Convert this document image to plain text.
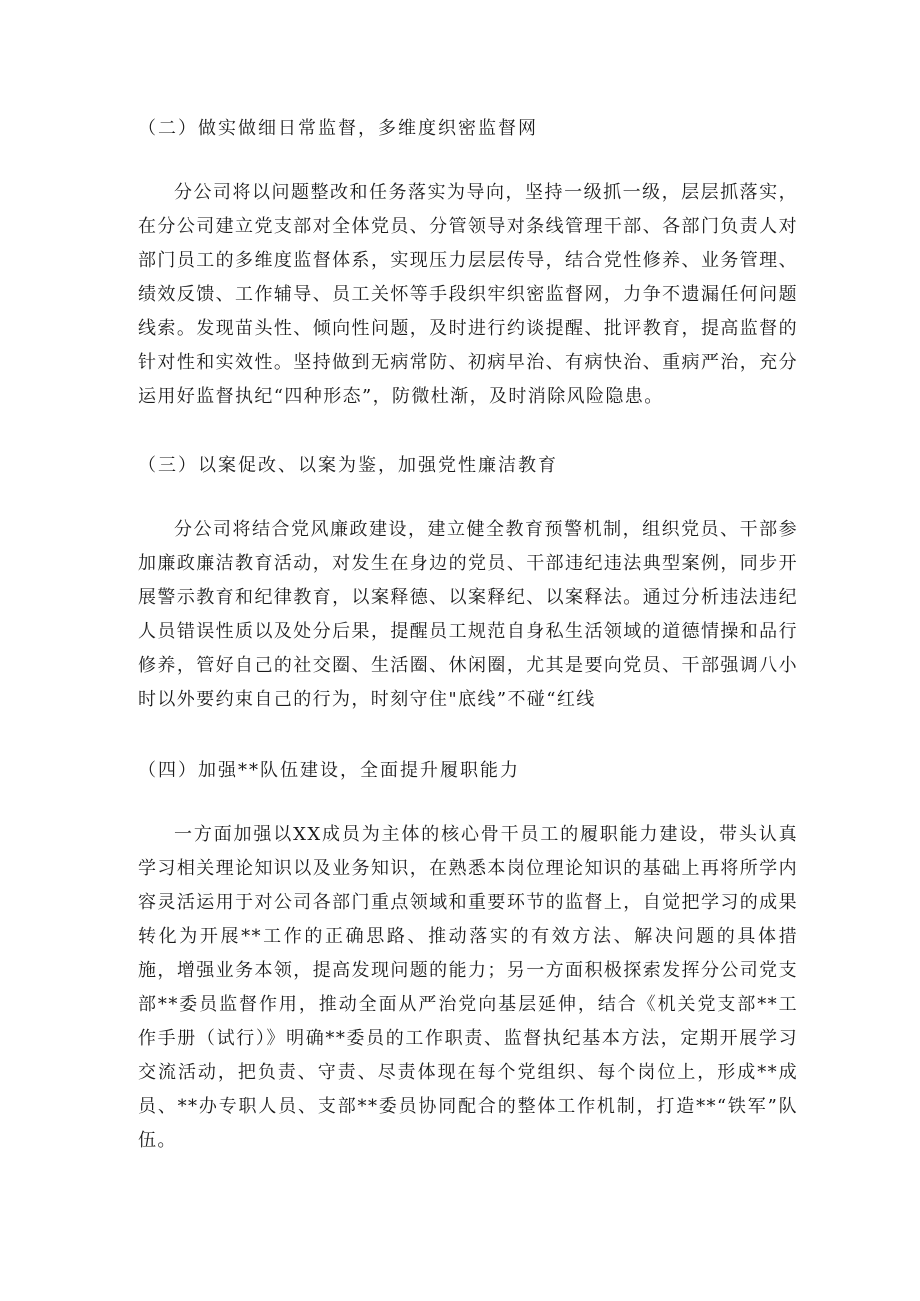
（二）做实做细日常监督，多维度织密监督网

分公司将以问题整改和任务落实为导向，坚持一级抓一级，层层抓落实，在分公司建立党支部对全体党员、分管领导对条线管理干部、各部门负责人对部门员工的多维度监督体系，实现压力层层传导，结合党性修养、业务管理、绩效反馈、工作辅导、员工关怀等手段织牢织密监督网，力争不遗漏任何问题线索。发现苗头性、倾向性问题，及时进行约谈提醒、批评教育，提高监督的针对性和实效性。坚持做到无病常防、初病早治、有病快治、重病严治，充分运用好监督执纪“四种形态”，防微杜渐，及时消除风险隐患。

（三）以案促改、以案为鉴，加强党性廉洁教育

分公司将结合党风廉政建设，建立健全教育预警机制，组织党员、干部参加廉政廉洁教育活动，对发生在身边的党员、干部违纪违法典型案例，同步开展警示教育和纪律教育，以案释德、以案释纪、以案释法。通过分析违法违纪人员错误性质以及处分后果，提醒员工规范自身私生活领域的道德情操和品行修养，管好自己的社交圈、生活圈、休闲圈，尤其是要向党员、干部强调八小时以外要约束自己的行为，时刻守住"底线”不碰“红线

（四）加强**队伍建设，全面提升履职能力

一方面加强以XX成员为主体的核心骨干员工的履职能力建设，带头认真学习相关理论知识以及业务知识，在熟悉本岗位理论知识的基础上再将所学内容灵活运用于对公司各部门重点领域和重要环节的监督上，自觉把学习的成果转化为开展**工作的正确思路、推动落实的有效方法、解决问题的具体措施，增强业务本领，提高发现问题的能力；另一方面积极探索发挥分公司党支部**委员监督作用，推动全面从严治党向基层延伸，结合《机关党支部**工作手册（试行）》明确**委员的工作职责、监督执纪基本方法，定期开展学习交流活动，把负责、守责、尽责体现在每个党组织、每个岗位上，形成**成员、**办专职人员、支部**委员协同配合的整体工作机制，打造**“铁军”队伍。
